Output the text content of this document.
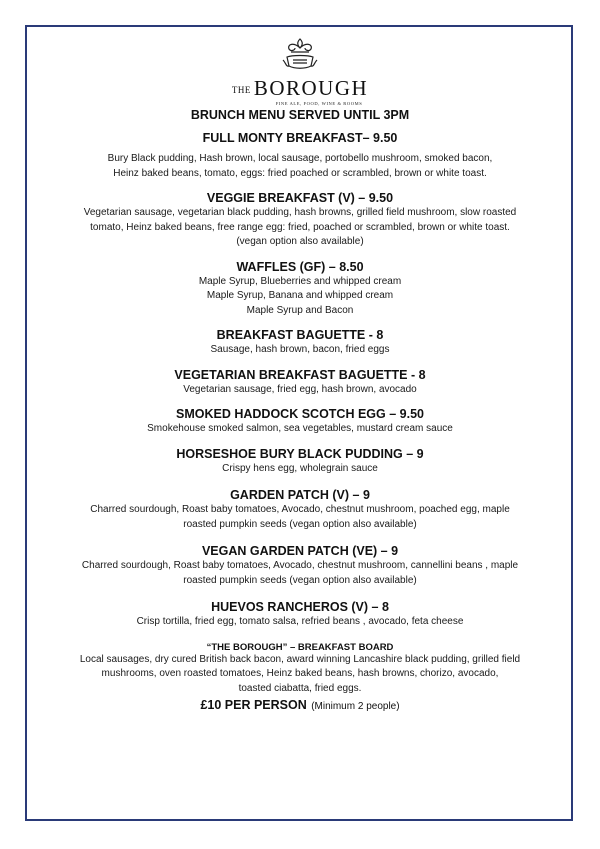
THE BOROUGH
FINE ALE, FOOD, WINE & ROOMS
BRUNCH MENU SERVED UNTIL 3PM
FULL MONTY BREAKFAST– 9.50
Bury Black pudding, Hash brown, local sausage, portobello mushroom, smoked bacon,
Heinz baked beans, tomato, eggs: fried poached or scrambled, brown or white toast.
VEGGIE BREAKFAST (V) – 9.50
Vegetarian sausage, vegetarian black pudding, hash browns, grilled field mushroom, slow roasted
tomato, Heinz baked beans, free range egg: fried, poached or scrambled, brown or white toast.
(vegan option also available)
WAFFLES (GF) – 8.50
Maple Syrup, Blueberries and whipped cream
Maple Syrup, Banana and whipped cream
Maple Syrup and Bacon
BREAKFAST BAGUETTE - 8
Sausage, hash brown, bacon, fried eggs
VEGETARIAN BREAKFAST BAGUETTE - 8
Vegetarian sausage, fried egg, hash brown, avocado
SMOKED HADDOCK SCOTCH EGG – 9.50
Smokehouse smoked salmon, sea vegetables, mustard cream sauce
HORSESHOE BURY BLACK PUDDING – 9
Crispy hens egg, wholegrain sauce
GARDEN PATCH (V) – 9
Charred sourdough, Roast baby tomatoes, Avocado, chestnut mushroom, poached egg, maple
roasted pumpkin seeds (vegan option also available)
VEGAN GARDEN PATCH (VE) – 9
Charred sourdough, Roast baby tomatoes, Avocado, chestnut mushroom, cannellini beans , maple
roasted pumpkin seeds (vegan option also available)
HUEVOS RANCHEROS (V) – 8
Crisp tortilla, fried egg, tomato salsa, refried beans , avocado, feta cheese
“THE BOROUGH” – BREAKFAST BOARD
Local sausages, dry cured British back bacon, award winning Lancashire black pudding, grilled field
mushrooms, oven roasted tomatoes, Heinz baked beans, hash browns, chorizo, avocado,
toasted ciabatta, fried eggs.
£10 PER PERSON (Minimum 2 people)
